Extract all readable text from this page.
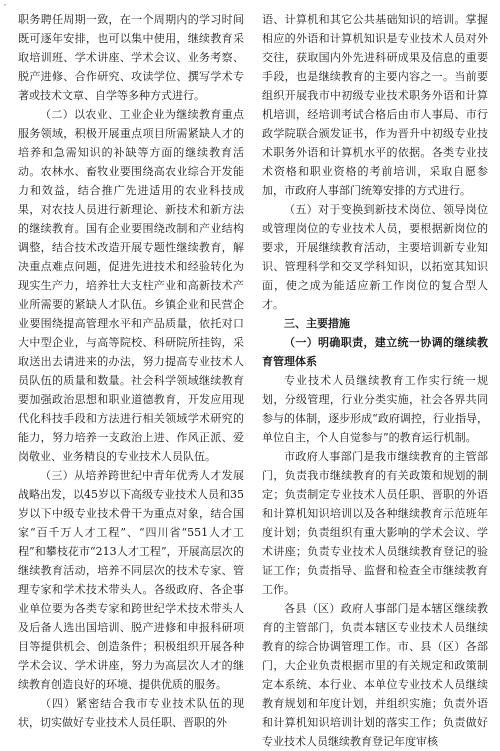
′

职务聘任周期一致，在一个周期内的学习时间既可逐年安排，也可以集中使用，继续教育采取培训班、学术讲座、学术会议、业务考察、脱产进修、合作研究、攻读学位、撰写学术专著或技术文章、自学等多种方式进行。

（二）以农业、工业企业为继续教育重点服务领域，积极开展重点项目所需紧缺人才的培养和急需知识的补缺等方面的继续教育活动。农林水、畜牧业要围绕高农业综合开发能力和效益，结合推广先进适用的农业科技成果，对农技人员进行新理论、新技术和新方法的继续教育。国有企业要围绕改制和产业结构调整，结合技术改造开展专题性继续教育，解决重点难点问题，促进先进技术和经验转化为现实生产力，培养壮大支柱产业和高新技术产业所需要的紧缺人才队伍。乡镇企业和民营企业要围绕提高管理水平和产品质量，依托对口大中型企业，与高等院校、科研院所挂钩，采取送出去请进来的办法，努力提高专业技术人员队伍的质量和数量。社会科学领域继续教育要加强政治思想和职业道德教育，开发应用现代化科技手段和方法进行相关领域学术研究的能力，努力培养一支政治上进、作风正派、爱岗敬业、业务精良的专业技术人员队伍。

（三）从培养跨世纪中青年优秀人才发展战略出发，以45岁以下高级专业技术人员和35岁以下中级专业技术骨干为重点对象，结合国家“百千万人才工程”、“四川省“551人才工程”和攀枝花市“213人才工程”，开展高层次的继续教育活动，培养不同层次的技术专家、管理专家和学术技术带头人。各级政府、各企事业单位要为各类专家和跨世纪学术技术带头人及后备人选出国培训、脱产进修和申报科研项目等提供机会、创造条件；积极组织开展各种学术会议、学术讲座，努力为高层次人才的继续教育创造良好的环境、提供优质的服务。

（四）紧密结合我市专业技术队伍的现状，切实做好专业技术人员任职、晋职的外

语、计算机和其它公共基础知识的培训。掌握相应的外语和计算机知识是专业技术人员对外交往，获取国内外先进科研成果及信息的重要手段，也是继续教育的主要内容之一。当前要组织开展我市中初级专业技术职务外语和计算机培训，经培训考试合格后由市人事局、市行政学院联合颁发证书，作为晋升中初级专业技术职务外语和计算机水平的依据。各类专业技术资格和职业资格的考前培训，采取自愿参加，市政府人事部门统筹安排的方式进行。

（五）对于变换到新技术岗位、领导岗位或管理岗位的专业技术人员，要根据新岗位的要求，开展继续教育活动，主要培训新专业知识、管理科学和交叉学科知识，以拓宽其知识面，使之成为能适应新工作岗位的复合型人才。

三、主要措施

（一）明确职责，建立统一协调的继续教育管理体系

专业技术人员继续教育工作实行统一规划，分级管理，行业分类实施，社会各界共同参与的体制，逐步形成“政府调控，行业指导，单位自主，个人自觉参与”的教育运行机制。

市政府人事部门是我市继续教育的主管部门，负责我市继续教育的有关政策和规划的制定；负责制定专业技术人员任职、晋职的外语和计算机知识培训以及各种继续教育示范班年度计划；负责组织有重大影响的学术会议、学术讲座；负责专业技术人员继续教育登记的验证工作；负责指导、监督和检查全市继续教育工作。

各县（区）政府人事部门是本辖区继续教育的主管部门，负责本辖区专业技术人员继续教育的综合协调管理工作。市、县（区）各部门，大企业负责根据市里的有关规定和政策制定本系统、本行业、本单位专业技术人员继续教育规划和年度计划，并组织实施；负责外语和计算机知识培训计划的落实工作；负责做好专业技术人员继续教育登记年度审核
